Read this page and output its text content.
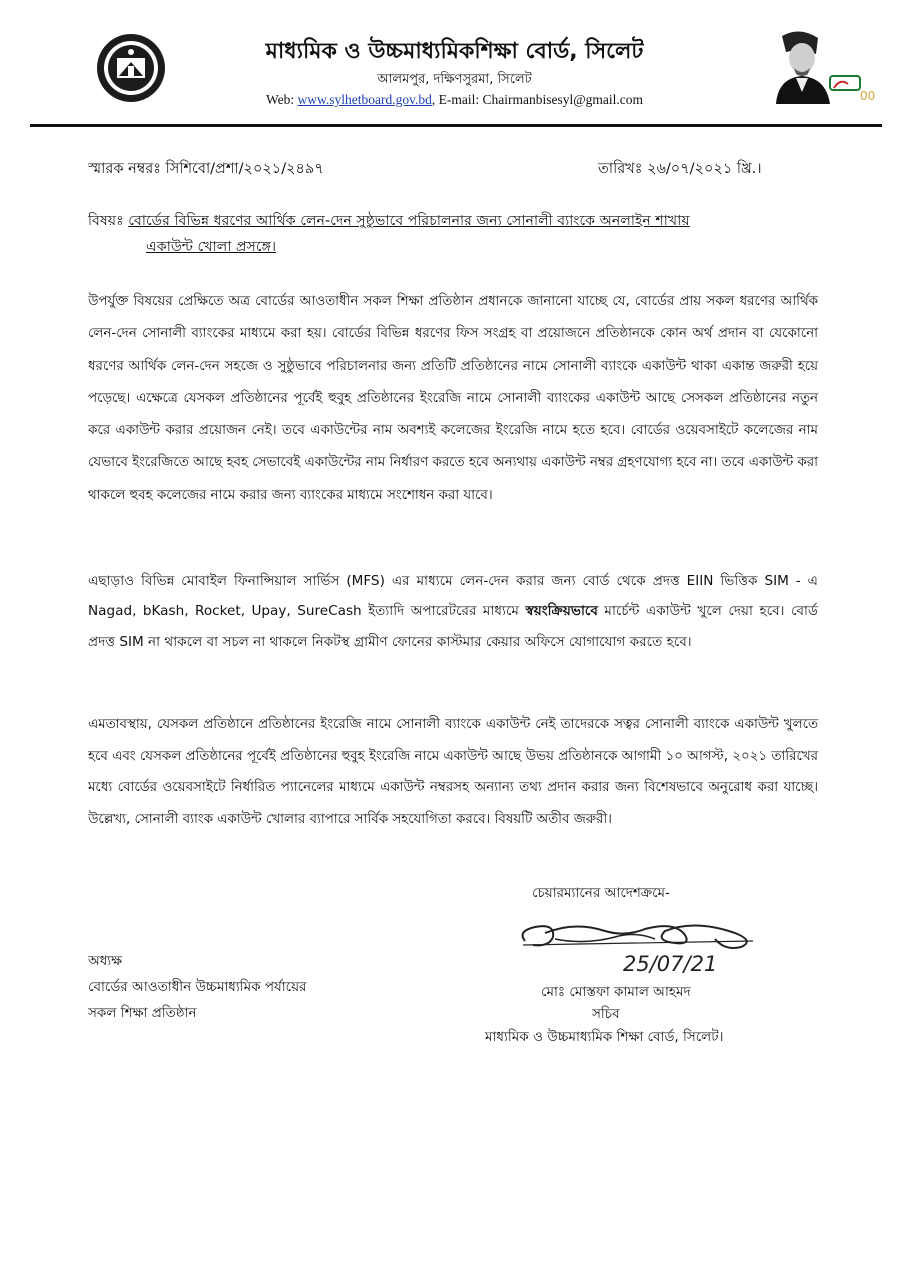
00
মাধ্যমিক ও উচ্চমাধ্যমিকশিক্ষা বোর্ড, সিলেট
আলমপুর, দক্ষিণসুরমা, সিলেট
Web: www.sylhetboard.gov.bd, E-mail: Chairmanbisesyl@gmail.com
স্মারক নম্বরঃ সিশিবো/প্রশা/২০২১/২৪৯৭	তারিখঃ ২৬/০৭/২০২১ খ্রি.।
বিষয়ঃ বোর্ডের বিভিন্ন ধরণের আর্থিক লেন-দেন সুষ্ঠুভাবে পরিচালনার জন্য সোনালী ব্যাংকে অনলাইন শাখায়
একাউন্ট খোলা প্রসঙ্গে।
উপর্যুক্ত বিষয়ের প্রেক্ষিতে অত্র বোর্ডের আওতাধীন সকল শিক্ষা প্রতিষ্ঠান প্রধানকে জানানো যাচ্ছে যে, বোর্ডের প্রায় সকল ধরণের আর্থিক লেন-দেন সোনালী ব্যাংকের মাধ্যমে করা হয়। বোর্ডের বিভিন্ন ধরণের ফিস সংগ্রহ বা প্রয়োজনে প্রতিষ্ঠানকে কোন অর্থ প্রদান বা যেকোনো ধরণের আর্থিক লেন-দেন সহজে ও সুষ্ঠুভাবে পরিচালনার জন্য প্রতিটি প্রতিষ্ঠানের নামে সোনালী ব্যাংকে একাউন্ট থাকা একান্ত জরুরী হয়ে পড়েছে। এক্ষেত্রে যেসকল প্রতিষ্ঠানের পূর্বেই হুবুহ প্রতিষ্ঠানের ইংরেজি নামে সোনালী ব্যাংকের একাউন্ট আছে সেসকল প্রতিষ্ঠানের নতুন করে একাউন্ট করার প্রয়োজন নেই। তবে একাউন্টের নাম অবশ্যই কলেজের ইংরেজি নামে হতে হবে। বোর্ডের ওয়েবসাইটে কলেজের নাম যেভাবে ইংরেজিতে আছে হবহ সেভাবেই একাউন্টের নাম নির্ধারণ করতে হবে অন্যথায় একাউন্ট নম্বর গ্রহণযোগ্য হবে না। তবে একাউন্ট করা থাকলে হুবহ কলেজের নামে করার জন্য ব্যাংকের মাধ্যমে সংশোধন করা যাবে।
এছাড়াও বিভিন্ন মোবাইল ফিনান্সিয়াল সার্ভিস (MFS) এর মাধ্যমে লেন-দেন করার জন্য বোর্ড থেকে প্রদত্ত EIIN ভিত্তিক SIM - এ Nagad, bKash, Rocket, Upay, SureCash ইত্যাদি অপারেটরের মাধ্যমে স্বয়ংক্রিয়ভাবে মার্চেন্ট একাউন্ট খুলে দেয়া হবে। বোর্ড প্রদত্ত SIM না থাকলে বা সচল না থাকলে নিকটস্থ গ্রামীণ ফোনের কাস্টমার কেয়ার অফিসে যোগাযোগ করতে হবে।
এমতাবস্থায়, যেসকল প্রতিষ্ঠানে প্রতিষ্ঠানের ইংরেজি নামে সোনালী ব্যাংকে একাউন্ট নেই তাদেরকে সত্বর সোনালী ব্যাংকে একাউন্ট খুলতে হবে এবং যেসকল প্রতিষ্ঠানের পূর্বেই প্রতিষ্ঠানের হুবুহ ইংরেজি নামে একাউন্ট আছে উভয় প্রতিষ্ঠানকে আগামী ১০ আগস্ট, ২০২১ তারিখের মধ্যে বোর্ডের ওয়েবসাইটে নির্ধারিত প্যানেলের মাধ্যমে একাউন্ট নম্বরসহ অন্যান্য তথ্য প্রদান করার জন্য বিশেষভাবে অনুরোধ করা যাচ্ছে। উল্লেখ্য, সোনালী ব্যাংক একাউন্ট খোলার ব্যাপারে সার্বিক সহযোগিতা করবে। বিষয়টি অতীব জরুরী।
চেয়ারম্যানের আদেশক্রমে-
25/07/21
অধ্যক্ষ
বোর্ডের আওতাধীন উচ্চমাধ্যমিক পর্যায়ের
সকল শিক্ষা প্রতিষ্ঠান
মোঃ মোস্তফা কামাল আহমদ
সচিব
মাধ্যমিক ও উচ্চমাধ্যমিক শিক্ষা বোর্ড, সিলেট।
